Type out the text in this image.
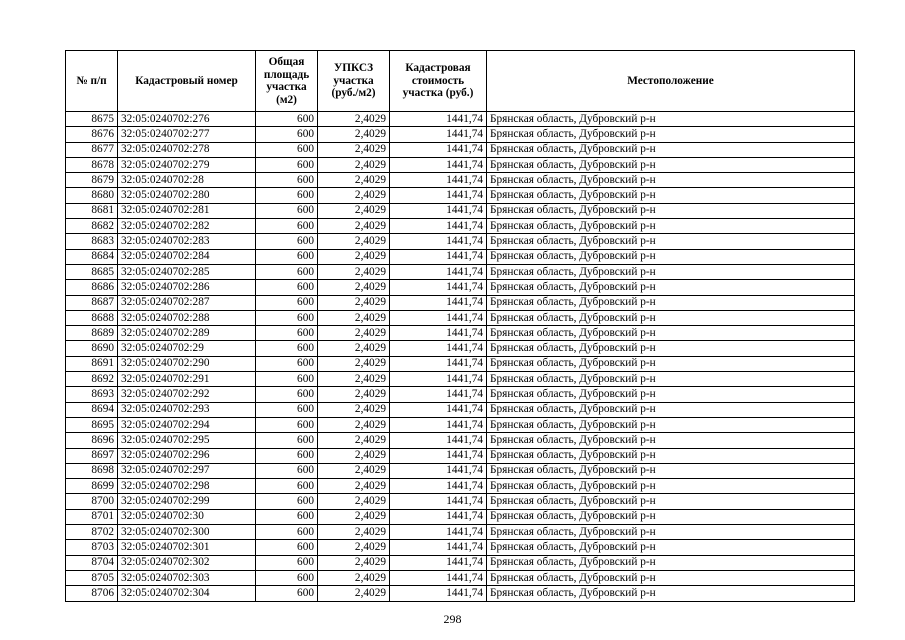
№ п/п	Кадастровый номер	Общая площадь участка (м2)	УПКСЗ участка (руб./м2)	Кадастровая стоимость участка (руб.)	Местоположение
8675	32:05:0240702:276	600	2,4029	1441,74	Брянская область, Дубровский р-н
8676	32:05:0240702:277	600	2,4029	1441,74	Брянская область, Дубровский р-н
8677	32:05:0240702:278	600	2,4029	1441,74	Брянская область, Дубровский р-н
8678	32:05:0240702:279	600	2,4029	1441,74	Брянская область, Дубровский р-н
8679	32:05:0240702:28	600	2,4029	1441,74	Брянская область, Дубровский р-н
8680	32:05:0240702:280	600	2,4029	1441,74	Брянская область, Дубровский р-н
8681	32:05:0240702:281	600	2,4029	1441,74	Брянская область, Дубровский р-н
8682	32:05:0240702:282	600	2,4029	1441,74	Брянская область, Дубровский р-н
8683	32:05:0240702:283	600	2,4029	1441,74	Брянская область, Дубровский р-н
8684	32:05:0240702:284	600	2,4029	1441,74	Брянская область, Дубровский р-н
8685	32:05:0240702:285	600	2,4029	1441,74	Брянская область, Дубровский р-н
8686	32:05:0240702:286	600	2,4029	1441,74	Брянская область, Дубровский р-н
8687	32:05:0240702:287	600	2,4029	1441,74	Брянская область, Дубровский р-н
8688	32:05:0240702:288	600	2,4029	1441,74	Брянская область, Дубровский р-н
8689	32:05:0240702:289	600	2,4029	1441,74	Брянская область, Дубровский р-н
8690	32:05:0240702:29	600	2,4029	1441,74	Брянская область, Дубровский р-н
8691	32:05:0240702:290	600	2,4029	1441,74	Брянская область, Дубровский р-н
8692	32:05:0240702:291	600	2,4029	1441,74	Брянская область, Дубровский р-н
8693	32:05:0240702:292	600	2,4029	1441,74	Брянская область, Дубровский р-н
8694	32:05:0240702:293	600	2,4029	1441,74	Брянская область, Дубровский р-н
8695	32:05:0240702:294	600	2,4029	1441,74	Брянская область, Дубровский р-н
8696	32:05:0240702:295	600	2,4029	1441,74	Брянская область, Дубровский р-н
8697	32:05:0240702:296	600	2,4029	1441,74	Брянская область, Дубровский р-н
8698	32:05:0240702:297	600	2,4029	1441,74	Брянская область, Дубровский р-н
8699	32:05:0240702:298	600	2,4029	1441,74	Брянская область, Дубровский р-н
8700	32:05:0240702:299	600	2,4029	1441,74	Брянская область, Дубровский р-н
8701	32:05:0240702:30	600	2,4029	1441,74	Брянская область, Дубровский р-н
8702	32:05:0240702:300	600	2,4029	1441,74	Брянская область, Дубровский р-н
8703	32:05:0240702:301	600	2,4029	1441,74	Брянская область, Дубровский р-н
8704	32:05:0240702:302	600	2,4029	1441,74	Брянская область, Дубровский р-н
8705	32:05:0240702:303	600	2,4029	1441,74	Брянская область, Дубровский р-н
8706	32:05:0240702:304	600	2,4029	1441,74	Брянская область, Дубровский р-н
298
